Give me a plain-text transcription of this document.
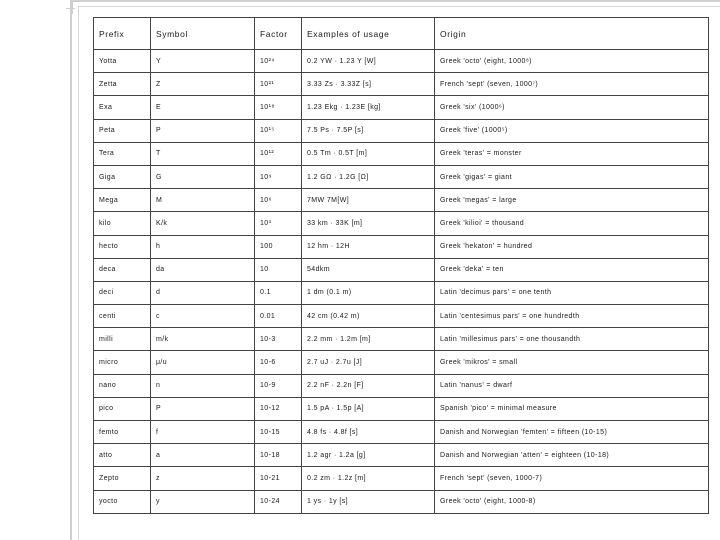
Prefix	Symbol	Factor	Examples of usage	Origin
Yotta	Y	10²⁴	0.2 YW · 1.23 Y [W]	Greek 'octo' (eight, 1000⁸)
Zetta	Z	10²¹	3.33 Zs · 3.33Z [s]	French 'sept' (seven, 1000⁷)
Exa	E	10¹⁸	1.23 Ekg · 1.23E [kg]	Greek 'six' (1000⁶)
Peta	P	10¹⁵	7.5 Ps · 7.5P [s]	Greek 'five' (1000⁵)
Tera	T	10¹²	0.5 Tm · 0.5T [m]	Greek 'teras' = monster
Giga	G	10⁹	1.2 GΩ · 1.2G [Ω]	Greek 'gigas' = giant
Mega	M	10⁶	7MW 7M[W]	Greek 'megas' = large
kilo	K/k	10³	33 km · 33K [m]	Greek 'kilioi' = thousand
hecto	h	100	12 hm · 12H	Greek 'hekaton' = hundred
deca	da	10	54dkm	Greek 'deka' = ten
deci	d	0.1	1 dm (0.1 m)	Latin 'decimus pars' = one tenth
centi	c	0.01	42 cm (0.42 m)	Latin 'centesimus pars' = one hundredth
milli	m/k	10-3	2.2 mm · 1.2m [m]	Latin 'millesimus pars' = one thousandth
micro	μ/u	10-6	2.7 uJ · 2.7u [J]	Greek 'mikros' = small
nano	n	10-9	2.2 nF · 2.2n [F]	Latin 'nanus' = dwarf
pico	P	10-12	1.5 pA · 1.5p [A]	Spanish 'pico' = minimal measure
femto	f	10-15	4.8 fs · 4.8f [s]	Danish and Norwegian 'femten' = fifteen (10-15)
atto	a	10-18	1.2 agr · 1.2a [g]	Danish and Norwegian 'atten' = eighteen (10-18)
Zepto	z	10-21	0.2 zm · 1.2z [m]	French 'sept' (seven, 1000-7)
yocto	y	10-24	1 ys · 1y [s]	Greek 'octo' (eight, 1000-8)
